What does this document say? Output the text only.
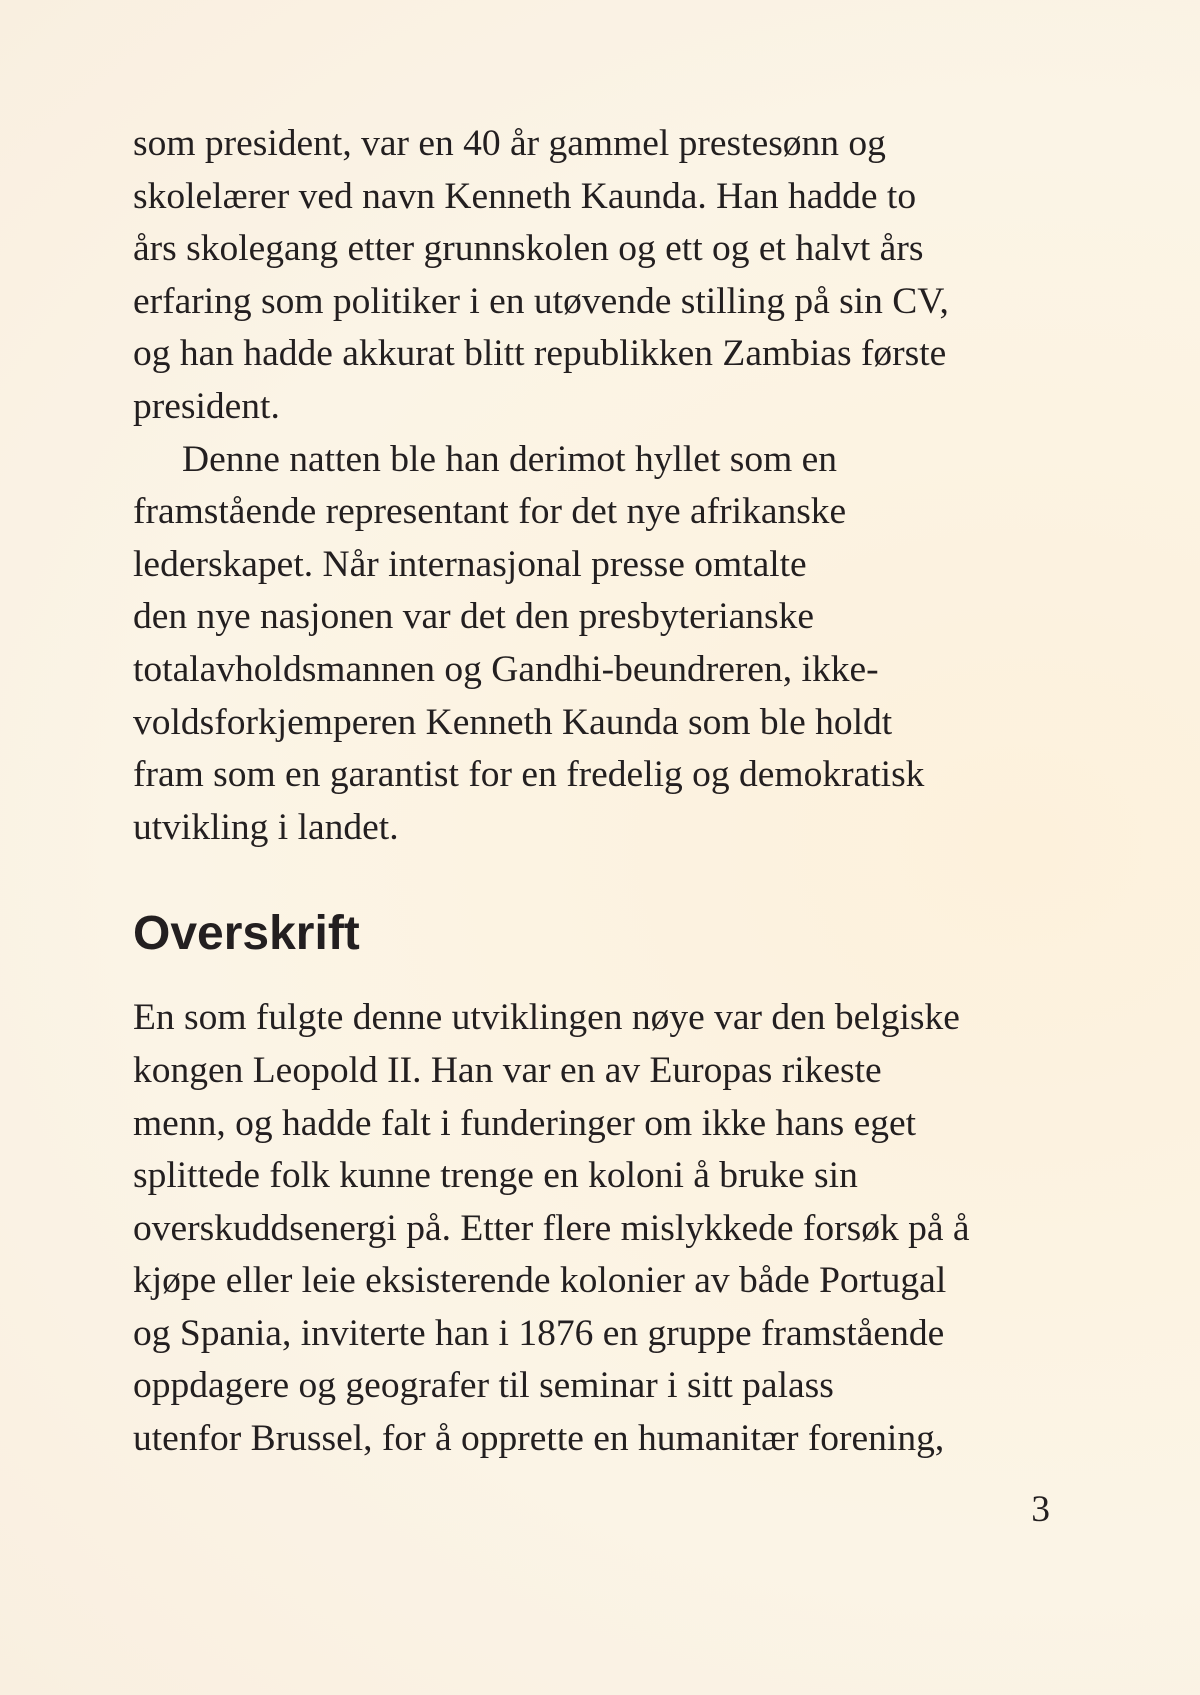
som president, var en 40 år gammel prestesønn og
skolelærer ved navn Kenneth Kaunda. Han hadde to
års skolegang etter grunnskolen og ett og et halvt års
erfaring som politiker i en utøvende stilling på sin CV,
og han hadde akkurat blitt republikken Zambias første
president.

Denne natten ble han derimot hyllet som en
framstående representant for det nye afrikanske
lederskapet. Når internasjonal presse omtalte
den nye nasjonen var det den presbyterianske
totalavholdsmannen og Gandhi-beundreren, ikke-
voldsforkjemperen Kenneth Kaunda som ble holdt
fram som en garantist for en fredelig og demokratisk
utvikling i landet.

Overskrift

En som fulgte denne utviklingen nøye var den belgiske
kongen Leopold II. Han var en av Europas rikeste
menn, og hadde falt i funderinger om ikke hans eget
splittede folk kunne trenge en koloni å bruke sin
overskuddsenergi på. Etter flere mislykkede forsøk på å
kjøpe eller leie eksisterende kolonier av både Portugal
og Spania, inviterte han i 1876 en gruppe framstående
oppdagere og geografer til seminar i sitt palass
utenfor Brussel, for å opprette en humanitær forening,

3
